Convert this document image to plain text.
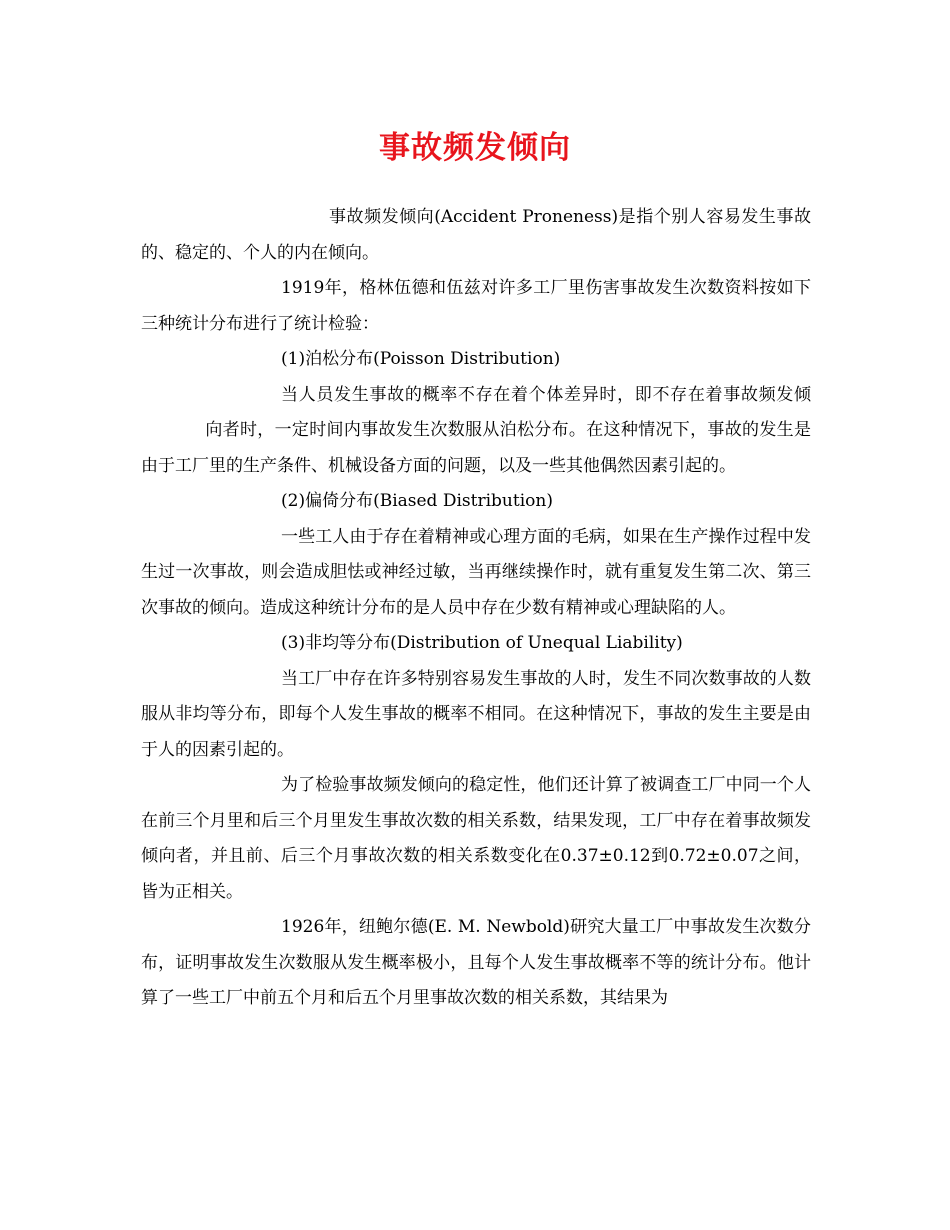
事故频发倾向

事故频发倾向(Accident Proneness)是指个别人容易发生事故的、稳定的、个人的内在倾向。

1919年，格林伍德和伍兹对许多工厂里伤害事故发生次数资料按如下三种统计分布进行了统计检验：

(1)泊松分布(Poisson Distribution)

当人员发生事故的概率不存在着个体差异时，即不存在着事故频发倾向者时，一定时间内事故发生次数服从泊松分布。在这种情况下，事故的发生是由于工厂里的生产条件、机械设备方面的问题，以及一些其他偶然因素引起的。

(2)偏倚分布(Biased Distribution)

一些工人由于存在着精神或心理方面的毛病，如果在生产操作过程中发生过一次事故，则会造成胆怯或神经过敏，当再继续操作时，就有重复发生第二次、第三次事故的倾向。造成这种统计分布的是人员中存在少数有精神或心理缺陷的人。

(3)非均等分布(Distribution of Unequal Liability)

当工厂中存在许多特别容易发生事故的人时，发生不同次数事故的人数服从非均等分布，即每个人发生事故的概率不相同。在这种情况下，事故的发生主要是由于人的因素引起的。

为了检验事故频发倾向的稳定性，他们还计算了被调查工厂中同一个人在前三个月里和后三个月里发生事故次数的相关系数，结果发现，工厂中存在着事故频发倾向者，并且前、后三个月事故次数的相关系数变化在0.37±0.12到0.72±0.07之间，皆为正相关。

1926年，纽鲍尔德(E. M. Newbold)研究大量工厂中事故发生次数分布，证明事故发生次数服从发生概率极小，且每个人发生事故概率不等的统计分布。他计算了一些工厂中前五个月和后五个月里事故次数的相关系数，其结果为
